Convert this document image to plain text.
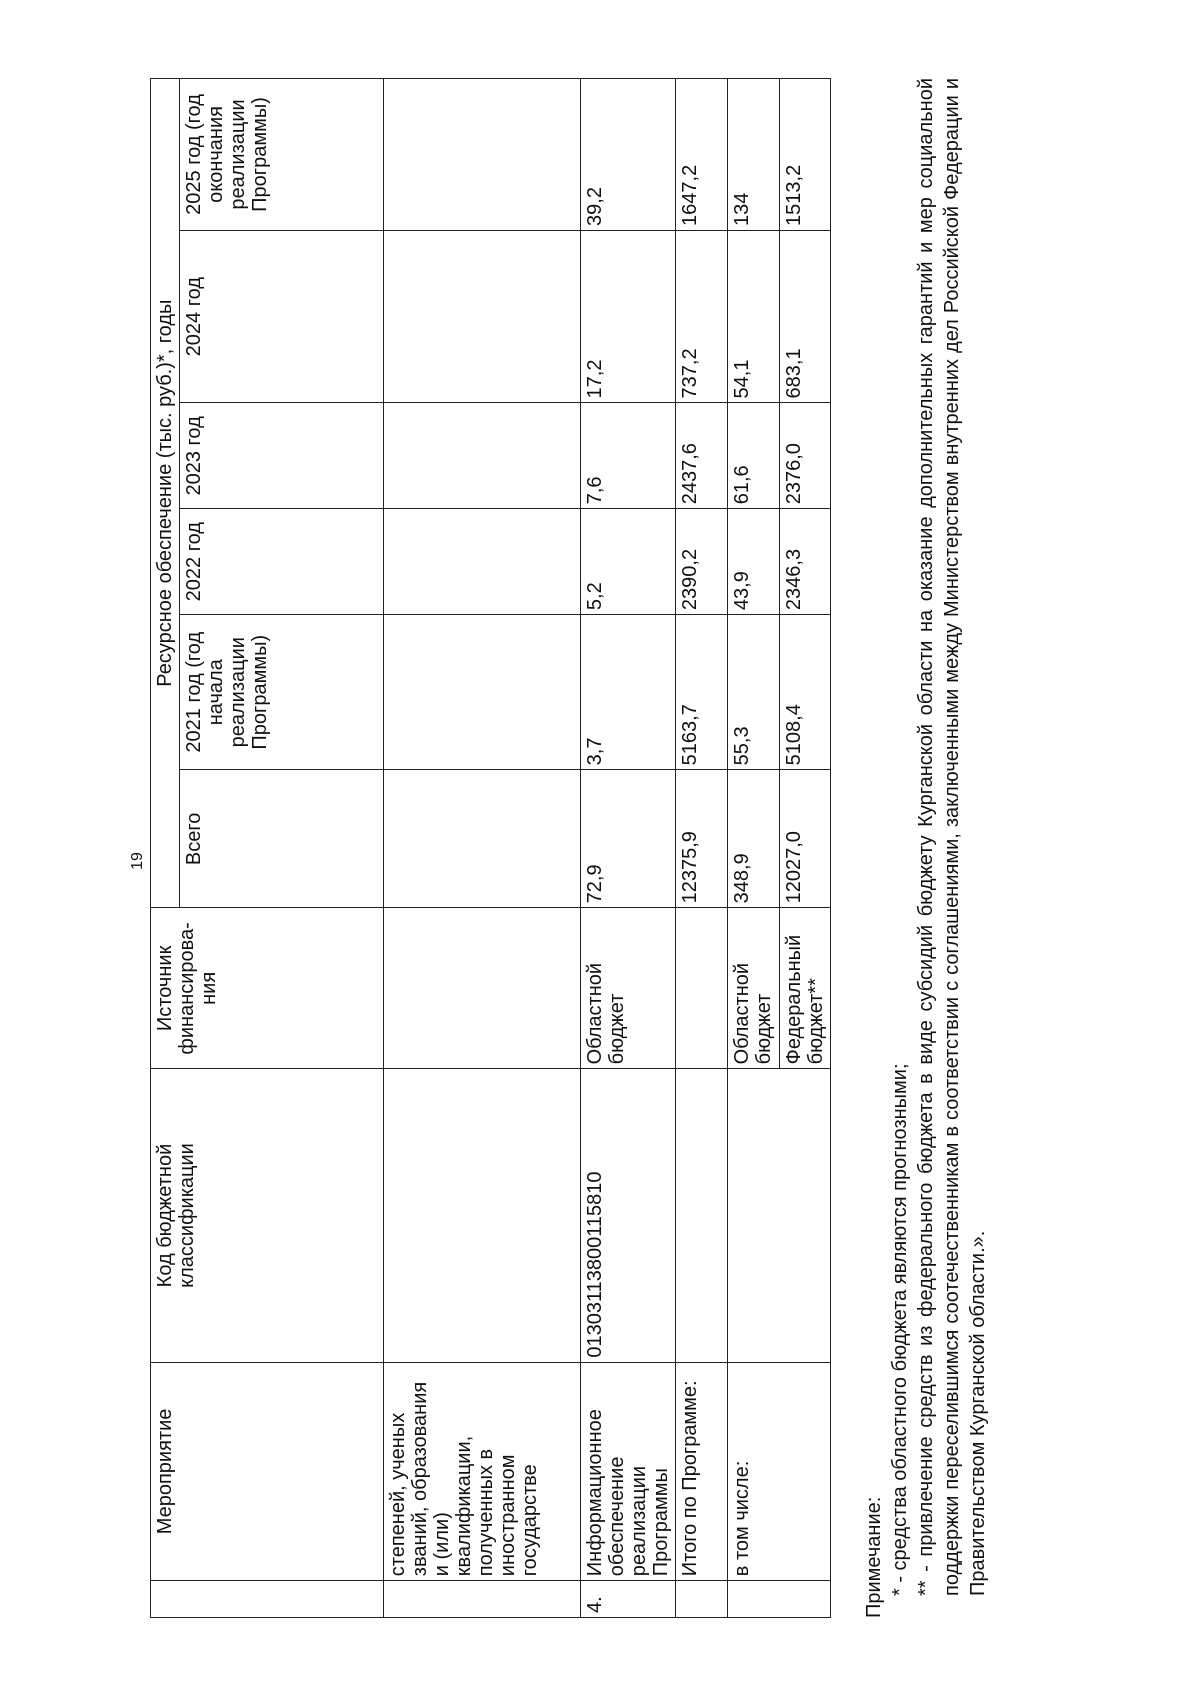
19
	Мероприятие	Код бюджетной классификации	Источник финансирова-ния	Ресурсное обеспечение (тыс. руб.)*, годы					
				Всего	2021 год (год начала реализации Программы)	2022 год	2023 год	2024 год	2025 год (год окончания реализации Программы)
	степеней, ученых званий, образования и (или) квалификации, полученных в иностранном государстве								
4.	Информационное обеспечение реализации Программы	01303113800115810	Областной бюджет	72,9	3,7	5,2	7,6	17,2	39,2
	Итого по Программе:			12375,9	5163,7	2390,2	2437,6	737,2	1647,2
	в том числе:		Областной бюджет	348,9	55,3	43,9	61,6	54,1	134
			Федеральный бюджет**	12027,0	5108,4	2346,3	2376,0	683,1	1513,2
Примечание: * - средства областного бюджета являются прогнозными; ** - привлечение средств из федерального бюджета в виде субсидий бюджету Курганской области на оказание дополнительных гарантий и мер социальной поддержки переселившимся соотечественникам в соответствии с соглашениями, заключенными между Министерством внутренних дел Российской Федерации и Правительством Курганской области.».
